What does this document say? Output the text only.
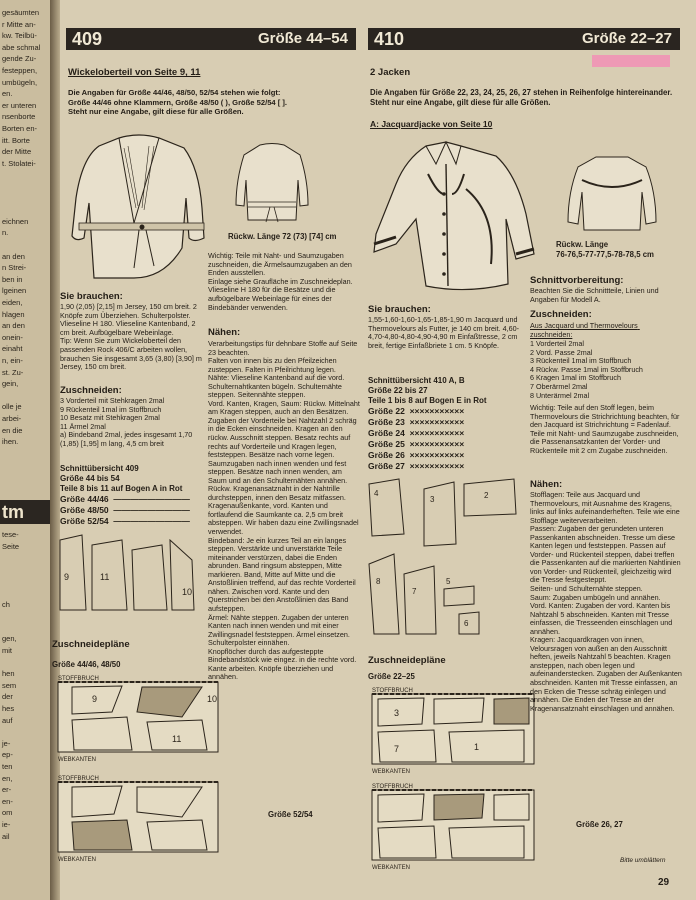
gesäumten
r Mitte an-
kw. Teilbü-
abe schmal
gende Zu-
festeppen,
umbügeln,
en.
er unteren
nsenborte
Borten en-
itt. Borte
der Mitte
t. Stolatei-
eichnen
n.
an den
n Strei-
ben in
lgeinen
eiden,
hlagen
an den
onein-
einaht
n, ein-
st. Zu-
gein,
olle je
arbei-
en die
ihen.
tese-
Seite
ch
gen,
mit
hen
sem
der
hes
auf
je-
ep-
ten
en,
er-
en-
om
ie-
ail
409	Größe 44–54
Wickeloberteil von Seite 9, 11
Die Angaben für Größe 44/46, 48/50, 52/54 stehen wie folgt:
Größe 44/46 ohne Klammern, Größe 48/50 ( ), Größe 52/54 [ ].
Steht nur eine Angabe, gilt diese für alle Größen.
Rückw. Länge 72 (73) [74] cm
Sie brauchen:
1,90 (2,05) [2,15] m Jersey, 150 cm breit. 2 Knöpfe zum Überziehen. Schulterpolster. Vlieseline H 180. Vlieseline Kantenband, 2 cm breit. Aufbügelbare Webeinlage.
Tip: Wenn Sie zum Wickeloberteil den passenden Rock 406/C arbeiten wollen, brauchen Sie insgesamt 3,65 (3,80) [3,90] m Jersey, 150 cm breit.
Zuschneiden:
3 Vorderteil mit Stehkragen 2mal
9 Rückenteil 1mal im Stoffbruch
10 Besatz mit Stehkragen 2mal
11 Ärmel 2mal
a) Bindeband 2mal, jedes insgesamt 1,70 (1,85) [1,95] m lang, 4,5 cm breit
Schnittübersicht 409
Größe 44 bis 54
Teile 8 bis 11 auf Bogen A in Rot
Größe 44/46  —————————
Größe 48/50  —————————
Größe 52/54  —————————
9	11
10
Zuschneidepläne
Größe 44/46, 48/50
10
11
9
STOFFBRUCH
WEBKANTEN
STOFFBRUCH
WEBKANTEN
Größe 52/54
Wichtig: Teile mit Naht- und Saumzugaben zuschneiden, die Ärmelsaumzugaben an den Enden ausstellen.
Einlage siehe Graufläche im Zuschneideplan. Vlieseline H 180 für die Besätze und die aufbügelbare Webeinlage für eines der Bindebänder verwenden.
Nähen:
Verarbeitungstips für dehnbare Stoffe auf Seite 23 beachten.
Falten von innen bis zu den Pfeilzeichen zusteppen. Falten in Pfeilrichtung legen.
Nähte: Vlieseline Kantenband auf die vord. Schulternahtkanten bügeln. Schulternähte steppen. Seitennähte steppen.
Vord. Kanten, Kragen, Saum: Rückw. Mittelnaht am Kragen steppen, auch an den Besätzen. Zugaben der Vorderteile bei Nahtzahl 2 schräg in die Ecken einschneiden. Kragen an den rückw. Ausschnitt steppen. Besatz rechts auf rechts auf Vorderteile und Kragen legen, feststeppen. Besätze nach vorne legen. Saumzugaben nach innen wenden und fest steppen. Besätze nach innen wenden, am Saum und an den Schulternähten annähen. Rückw. Kragenansatznaht in der Nahtrille durchsteppen, innen den Besatz mitfassen. Kragenaußenkante, vord. Kanten und fortlaufend die Saumkante ca. 2,5 cm breit absteppen. Wir haben dazu eine Zwillingsnadel verwendet.
Bindeband: Je ein kurzes Teil an ein langes steppen. Verstärkte und unverstärkte Teile miteinander verstürzen, dabei die Enden abrunden. Band ringsum absteppen, Mitte markieren. Band, Mitte auf Mitte und die Anstoßlinien treffend, auf das rechte Vorderteil nähen. Zwischen vord. Kante und den Querstrichen bei den Anstoßlinien das Band aufsteppen.
Ärmel: Nähte steppen. Zugaben der unteren Kanten nach innen wenden und mit einer Zwillingsnadel feststeppen. Ärmel einsetzen. Schulterpolster einnähen.
Knopflöcher durch das aufgesteppte Bindebandstück wie eingez. in die rechte vord. Kante arbeiten. Knöpfe überziehen und annähen.
410	Größe 22–27
2 Jacken
Die Angaben für Größe 22, 23, 24, 25, 26, 27 stehen in Reihenfolge hintereinander. Steht nur eine Angabe, gilt diese für alle Größen.
A: Jacquardjacke von Seite 10
Rückw. Länge
76-76,5-77-77,5-78-78,5 cm
Sie brauchen:
1,55-1,60-1,60-1,65-1,85-1,90 m Jacquard und Thermovelours als Futter, je 140 cm breit. 4,60-4,70-4,80-4,80-4,90-4,90 m Einfaßtresse, 2 cm breit, fertige Einfaßbriete 1 cm. 5 Knöpfe.
Schnittübersicht 410 A, B
Größe 22 bis 27
Teile 1 bis 8 auf Bogen E in Rot
Größe 22  ×××××××××××
Größe 23  ×××××××××××
Größe 24  ×××××××××××
Größe 25  ×××××××××××
Größe 26  ×××××××××××
Größe 27  ×××××××××××
4
3	2
8
7
5
6
Zuschneidepläne
Größe 22–25
7	1
3
STOFFBRUCH
WEBKANTEN
STOFFBRUCH
WEBKANTEN
Größe 26, 27
Schnittvorbereitung:
Beachten Sie die Schnittteile, Linien und Angaben für Modell A.
Zuschneiden:
Aus Jacquard und Thermovelours zuschneiden:
1 Vorderteil 2mal
2 Vord. Passe 2mal
3 Rückenteil 1mal im Stoffbruch
4 Rückw. Passe 1mal im Stoffbruch
6 Kragen 1mal im Stoffbruch
7 Oberärmel 2mal
8 Unterärmel 2mal
Wichtig: Teile auf den Stoff legen, beim Thermovelours die Strichrichtung beachten, für den Jacquard ist Strichrichtung = Fadenlauf. Teile mit Naht- und Saumzugabe zuschneiden, die Passenansatzkanten der Vorder- und Rückenteile mit 2 cm Zugabe zuschneiden.
Nähen:
Stofflagen: Teile aus Jacquard und Thermovelours, mit Ausnahme des Kragens, links auf links aufeinanderheften. Teile wie eine Stofflage weiterverarbeiten.
Passen: Zugaben der gerundeten unteren Passenkanten abschneiden. Tresse um diese Kanten legen und feststeppen. Passen auf Vorder- und Rückenteil steppen, dabei treffen die Passenkanten auf die markierten Nahtlinien von Vorder- und Rückenteil, gleichzeitig wird die Tresse festgesteppt.
Seiten- und Schulternähte steppen.
Saum: Zugaben umbügeln und annähen.
Vord. Kanten: Zugaben der vord. Kanten bis Nahtzahl 5 abschneiden. Kanten mit Tresse einfassen, die Tresseenden einschlagen und annähen.
Kragen: Jacquardkragen von innen, Veloursragen von außen an den Ausschnitt heften, jeweils Nahtzahl 5 beachten. Kragen ansteppen, nach oben legen und aufeinanderstecken. Zugaben der Außenkanten abschneiden. Kanten mit Tresse einfassen, an den Ecken die Tresse schräg einlegen und annähen. Die Enden der Tresse an der Kragenansatznaht einschlagen und annähen.
Bitte umblättern
29
tm
